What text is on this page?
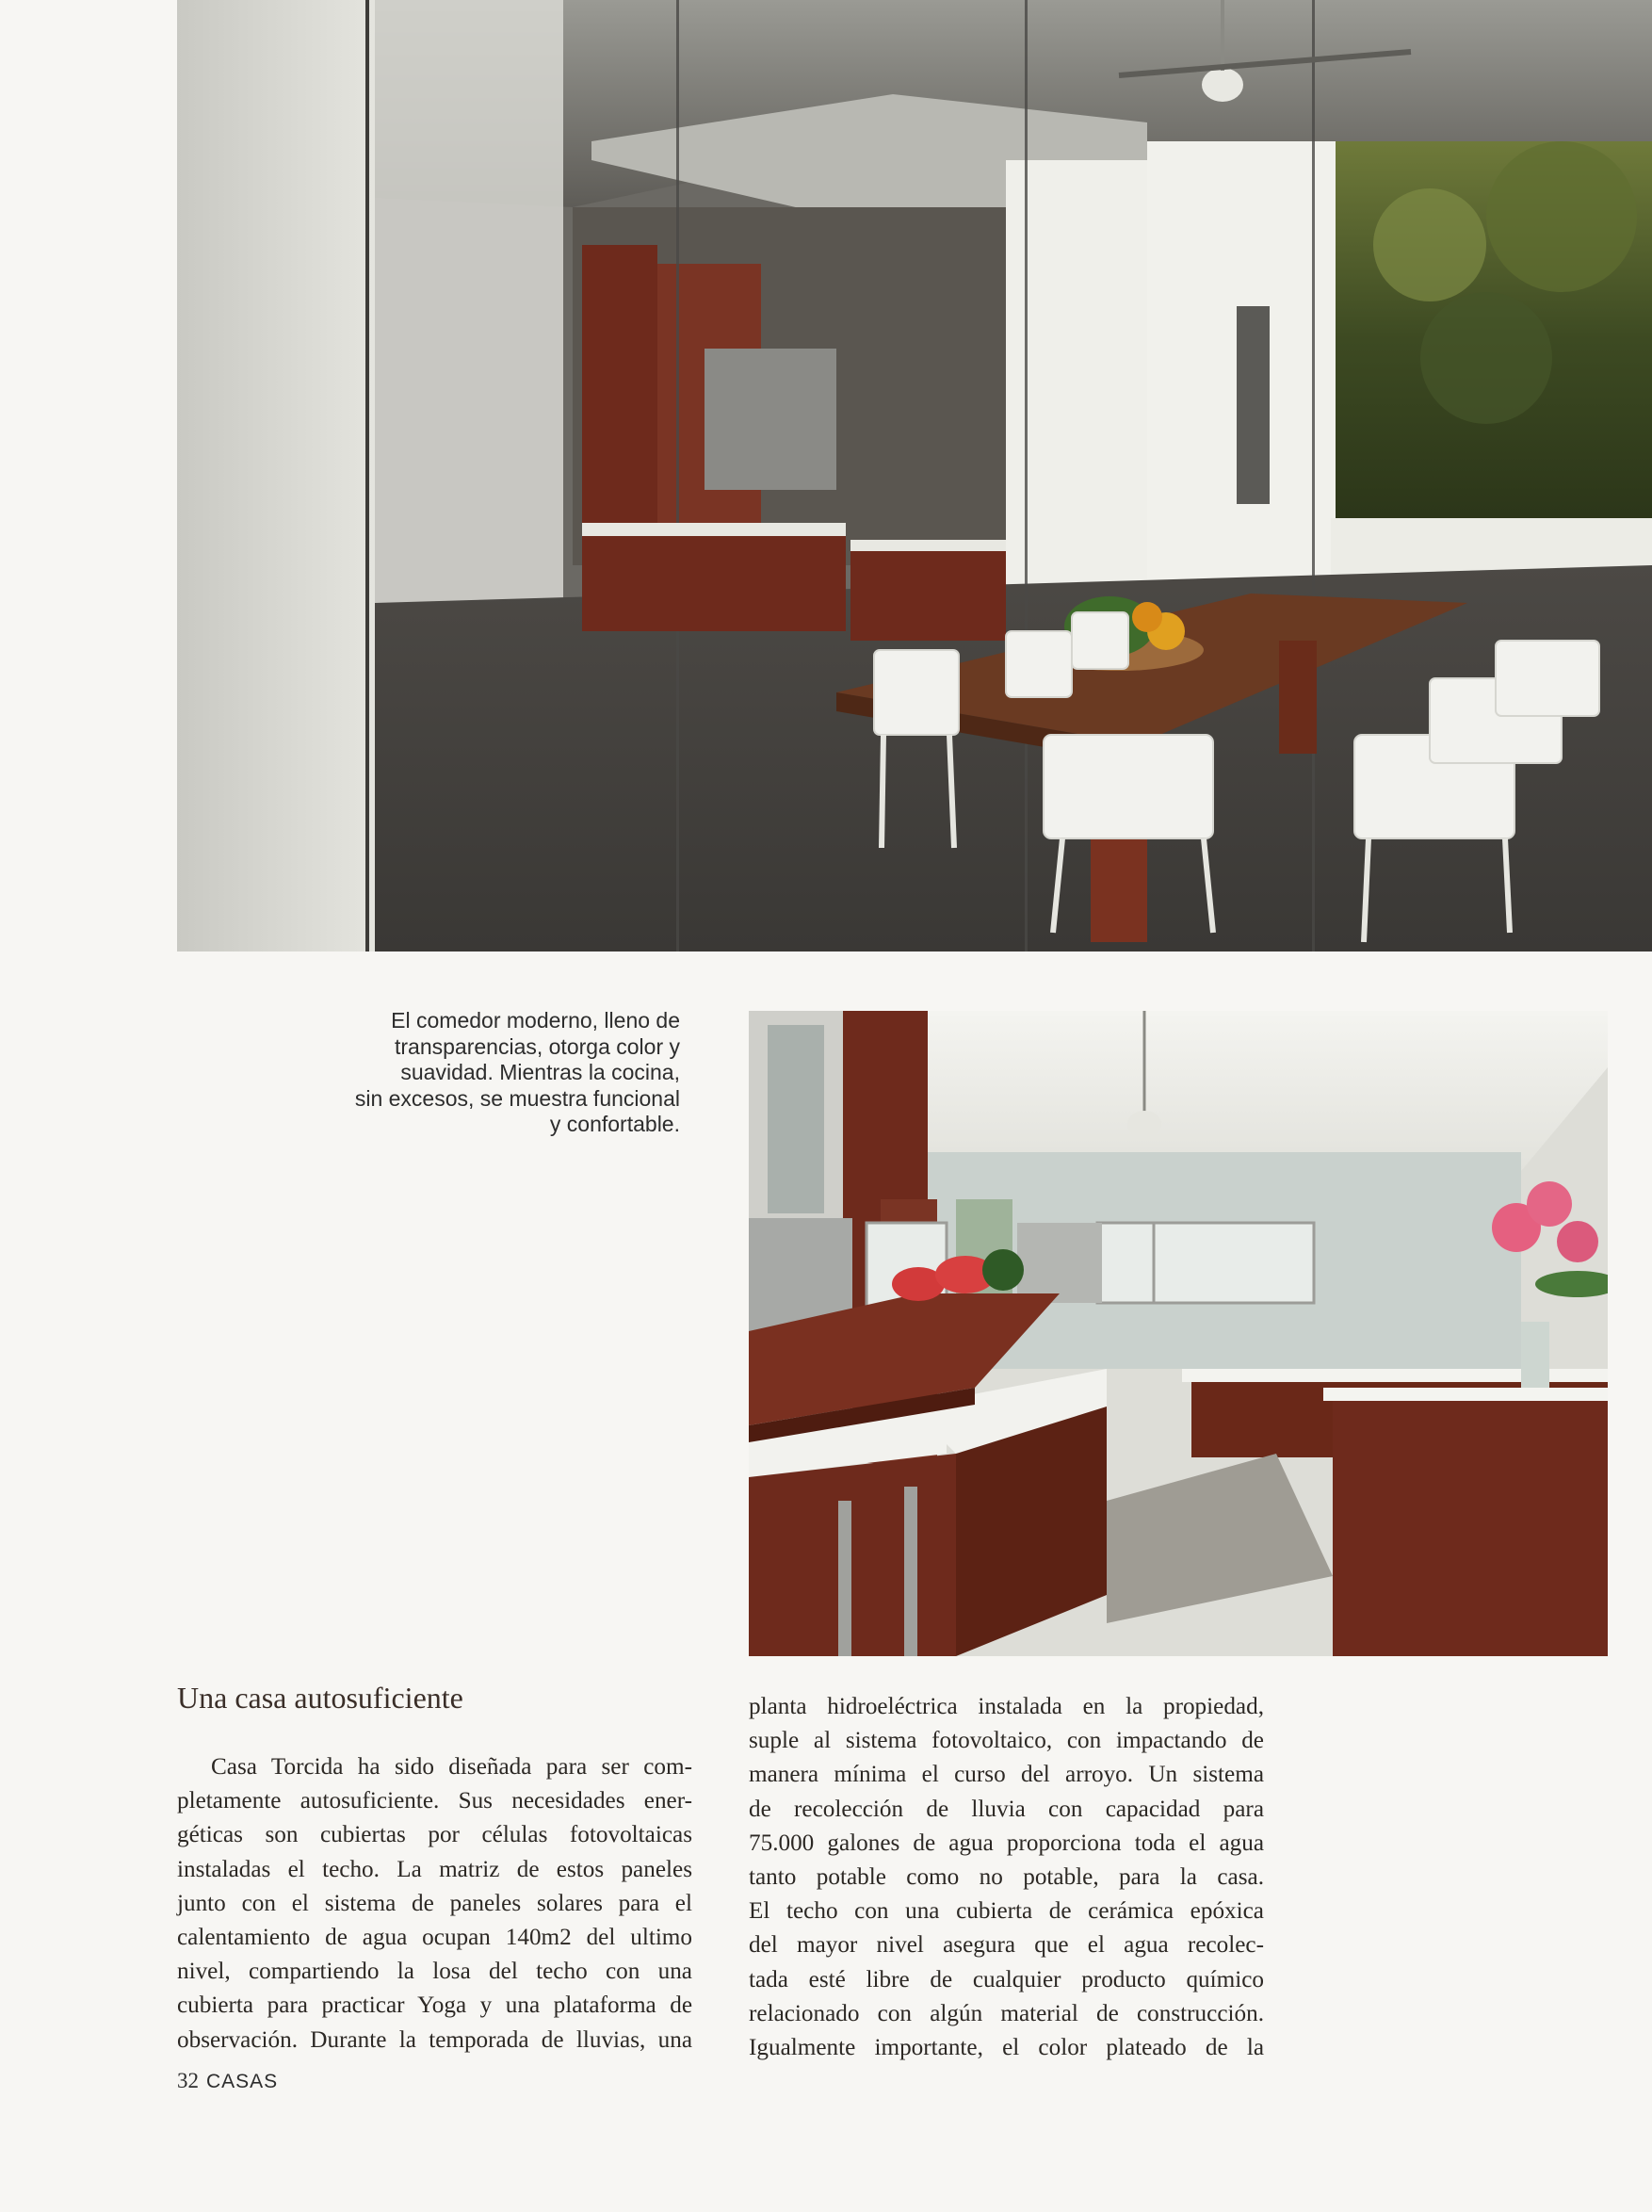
El comedor moderno, lleno de
transparencias, otorga color y
suavidad. Mientras la cocina,
sin excesos, se muestra funcional
y confortable.
Una casa autosuficiente
Casa Torcida ha sido diseñada para ser com-
pletamente autosuficiente. Sus necesidades ener-
géticas son cubiertas por células fotovoltaicas
instaladas el techo. La matriz de estos paneles
junto con el sistema de paneles solares para el
calentamiento de agua ocupan 140m2 del ultimo
nivel, compartiendo la losa del techo con una
cubierta para practicar Yoga y una plataforma de
observación. Durante la temporada de lluvias, una
planta hidroeléctrica instalada en la propiedad,
suple al sistema fotovoltaico, con impactando de
manera mínima el curso del arroyo. Un sistema
de recolección de lluvia con capacidad para
75.000 galones de agua proporciona toda el agua
tanto potable como no potable, para la casa.
El techo con una cubierta de cerámica epóxica
del mayor nivel asegura que el agua recolec-
tada esté libre de cualquier producto químico
relacionado con algún material de construcción.
Igualmente importante, el color plateado de la
32 CASAS
